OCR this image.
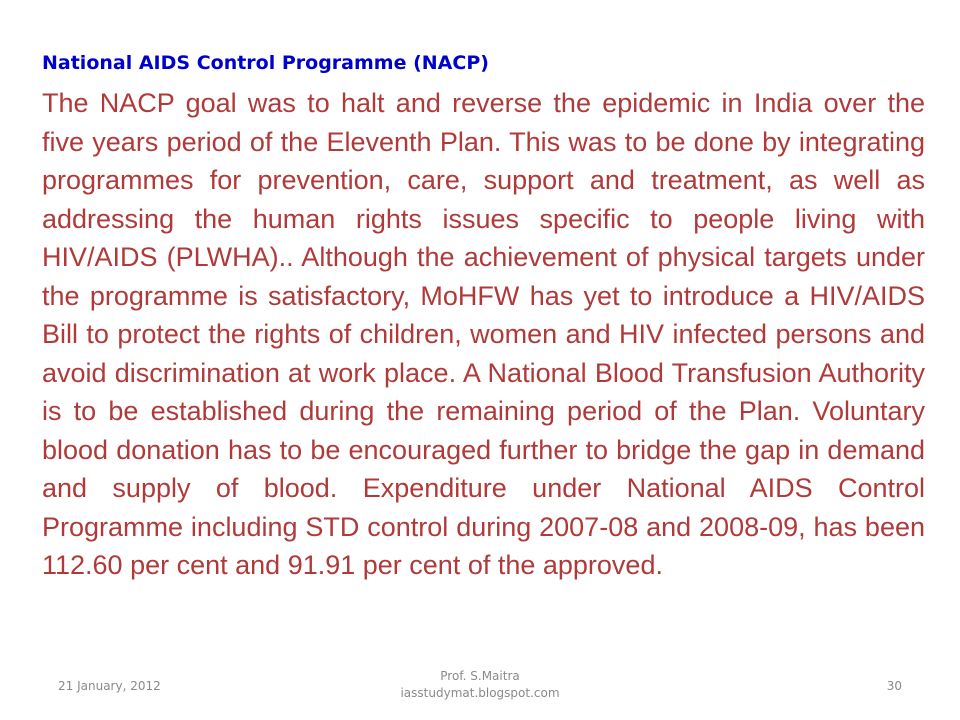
National AIDS Control Programme (NACP)

The NACP goal was to halt and reverse the epidemic in India over the five years period of the Eleventh Plan. This was to be done by integrating programmes for prevention, care, support and treatment, as well as addressing the human rights issues specific to people living with HIV/AIDS (PLWHA).. Although the achievement of physical targets under the programme is satisfactory, MoHFW has yet to introduce a HIV/AIDS Bill to protect the rights of children, women and HIV infected persons and avoid discrimination at work place. A National Blood Transfusion Authority is to be established during the remaining period of the Plan. Voluntary blood donation has to be encouraged further to bridge the gap in demand and supply of blood. Expenditure under National AIDS Control Programme including STD control during 2007-08 and 2008-09, has been 112.60 per cent and 91.91 per cent of the approved.

21 January, 2012
Prof. S.Maitra
iasstudymat.blogspot.com	30
